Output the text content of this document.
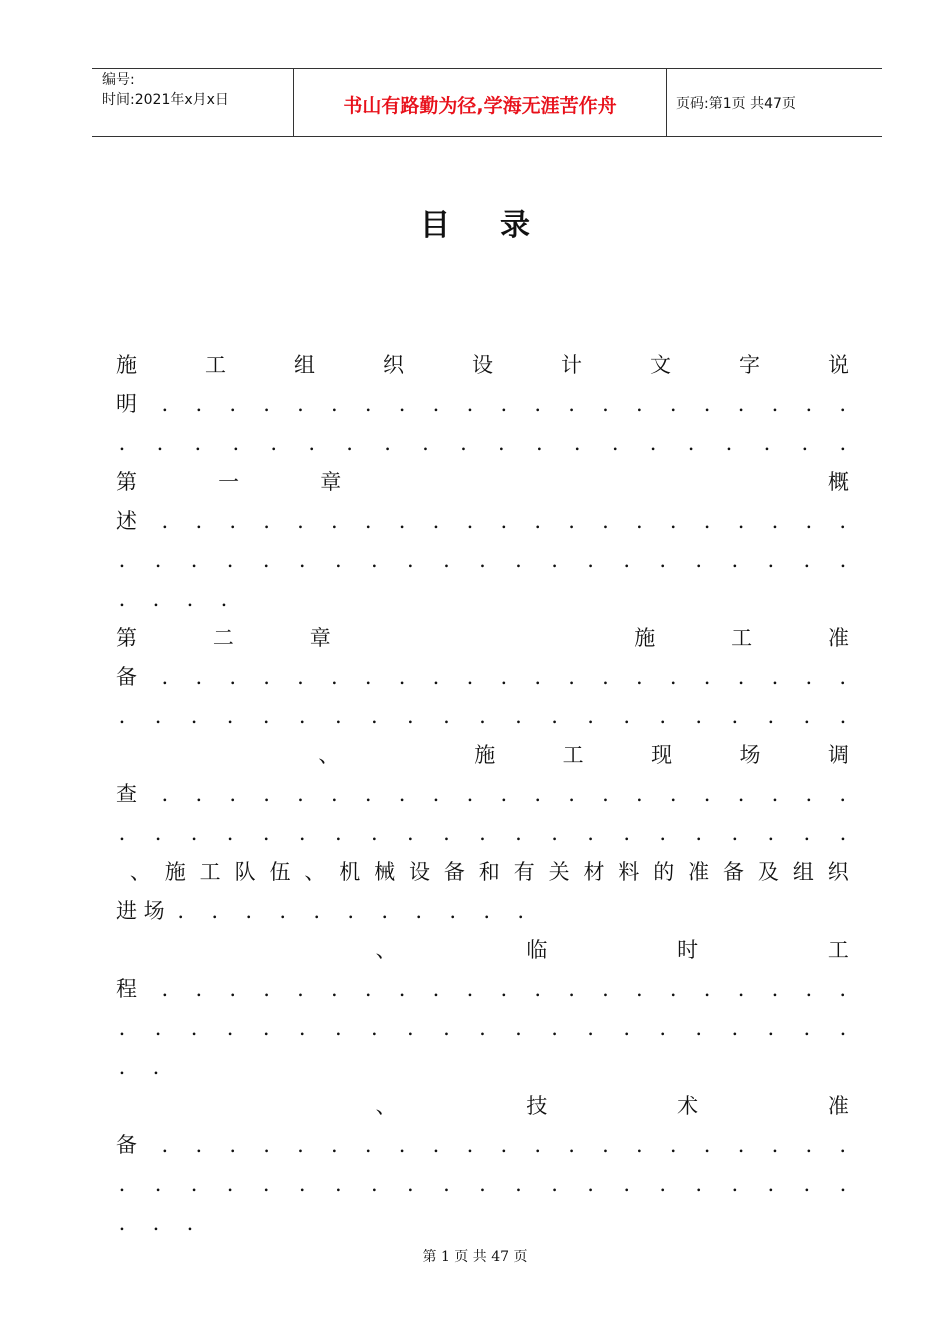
编号:
时间:2021年x月x日	书山有路勤为径,学海无涯苦作舟	页码:第1页 共47页
目 录
施	工	组	织	设	计	文	字	说
明 . . . . . . . . . . . . . . . . . . . . .
. . . . . . . . . . . . . . . . . . . .
第	一	章	概
述 . . . . . . . . . . . . . . . . . . . . .
. . . . . . . . . . . . . . . . . . . . .
. . . .
第	二	章	施	工	准
备 . . . . . . . . . . . . . . . . . . . . .
. . . . . . . . . . . . . . . . . . . . .
、	施	工	现	场	调
查 . . . . . . . . . . . . . . . . . . . . .
. . . . . . . . . . . . . . . . . . . . .
、 施 工 队 伍 、 机 械 设 备 和 有 关 材 料 的 准 备 及 组 织
进 场 . . . . . . . . . . .
、	临	时	工
程 . . . . . . . . . . . . . . . . . . . . .
. . . . . . . . . . . . . . . . . . . . .
. .
、	技	术	准
备 . . . . . . . . . . . . . . . . . . . . .
. . . . . . . . . . . . . . . . . . . . .
. . .
第 1 页 共 47 页
